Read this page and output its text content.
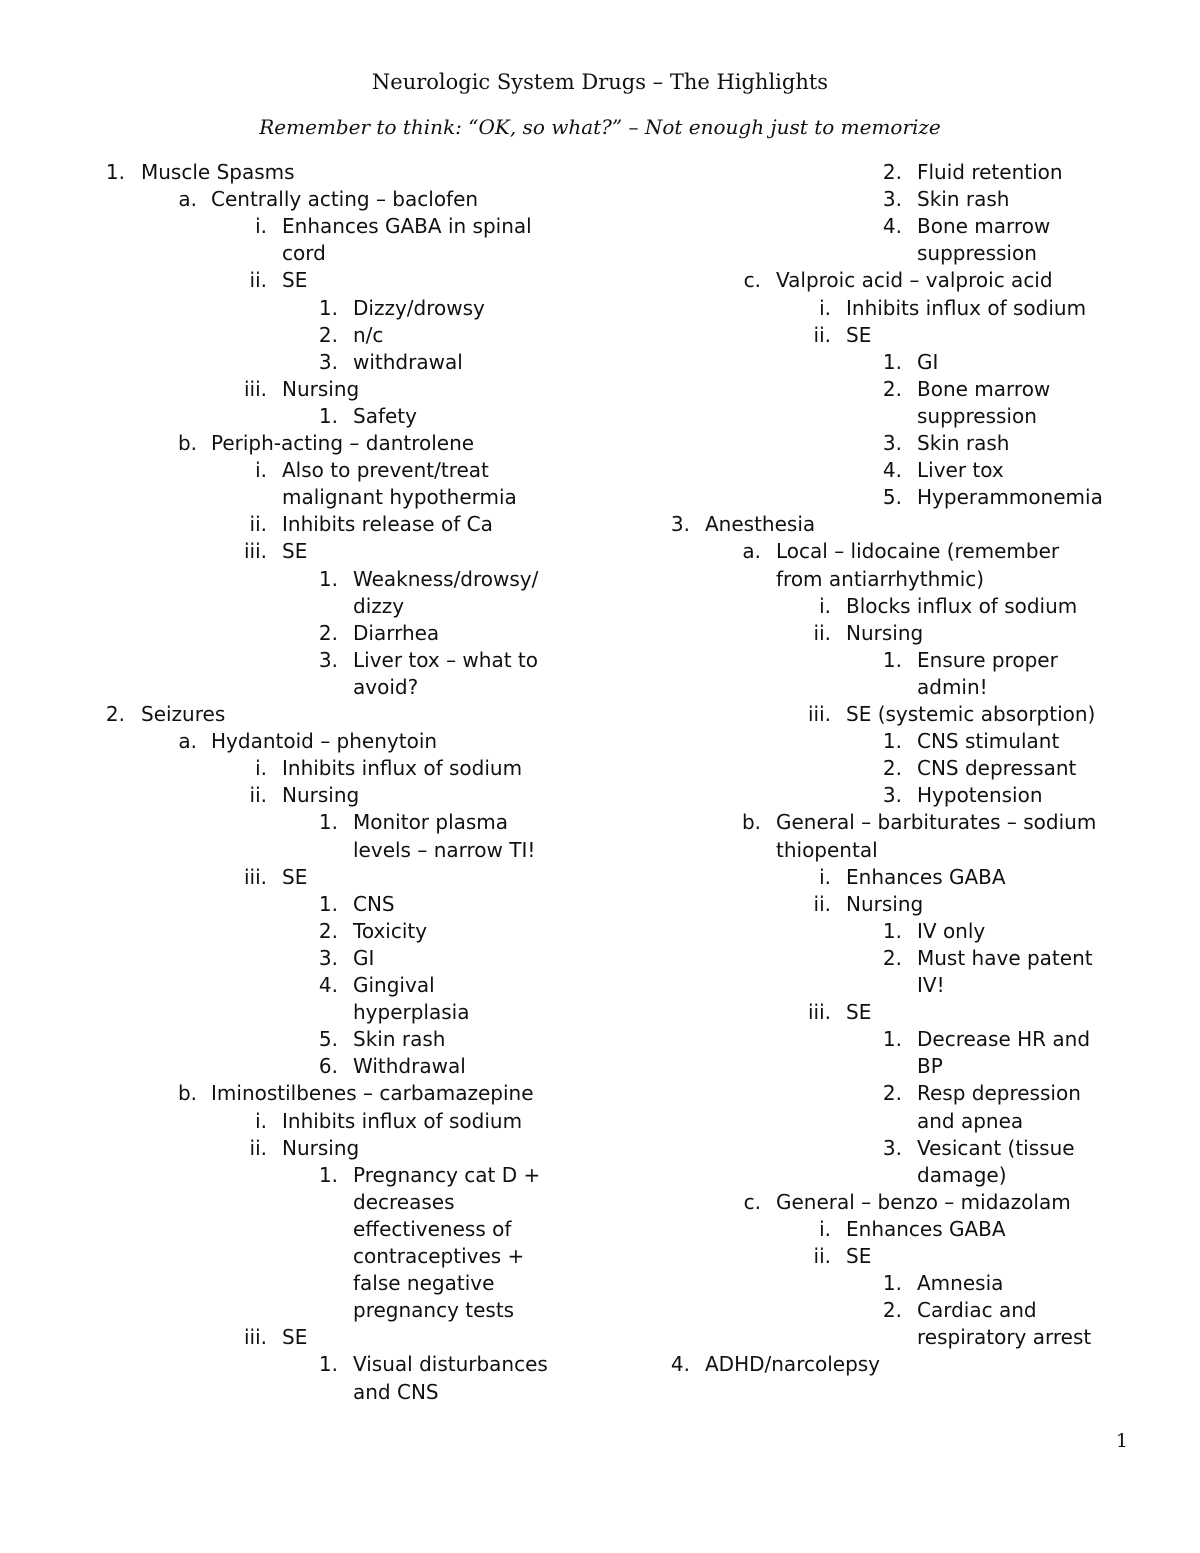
Neurologic System Drugs – The Highlights
Remember to think: “OK, so what?” – Not enough just to memorize
1. Muscle Spasms
a. Centrally acting – baclofen
i. Enhances GABA in spinal
cord
ii. SE
1. Dizzy/drowsy
2. n/c
3. withdrawal
iii. Nursing
1. Safety
b. Periph-acting – dantrolene
i. Also to prevent/treat
malignant hypothermia
ii. Inhibits release of Ca
iii. SE
1. Weakness/drowsy/
dizzy
2. Diarrhea
3. Liver tox – what to
avoid?
2. Seizures
a. Hydantoid – phenytoin
i. Inhibits influx of sodium
ii. Nursing
1. Monitor plasma
levels – narrow TI!
iii. SE
1. CNS
2. Toxicity
3. GI
4. Gingival
hyperplasia
5. Skin rash
6. Withdrawal
b. Iminostilbenes – carbamazepine
i. Inhibits influx of sodium
ii. Nursing
1. Pregnancy cat D +
decreases
effectiveness of
contraceptives +
false negative
pregnancy tests
iii. SE
1. Visual disturbances
and CNS
2. Fluid retention
3. Skin rash
4. Bone marrow
suppression
c. Valproic acid – valproic acid
i. Inhibits influx of sodium
ii. SE
1. GI
2. Bone marrow
suppression
3. Skin rash
4. Liver tox
5. Hyperammonemia
3. Anesthesia
a. Local – lidocaine (remember
from antiarrhythmic)
i. Blocks influx of sodium
ii. Nursing
1. Ensure proper
admin!
iii. SE (systemic absorption)
1. CNS stimulant
2. CNS depressant
3. Hypotension
b. General – barbiturates – sodium
thiopental
i. Enhances GABA
ii. Nursing
1. IV only
2. Must have patent
IV!
iii. SE
1. Decrease HR and
BP
2. Resp depression
and apnea
3. Vesicant (tissue
damage)
c. General – benzo – midazolam
i. Enhances GABA
ii. SE
1. Amnesia
2. Cardiac and
respiratory arrest
4. ADHD/narcolepsy
1
